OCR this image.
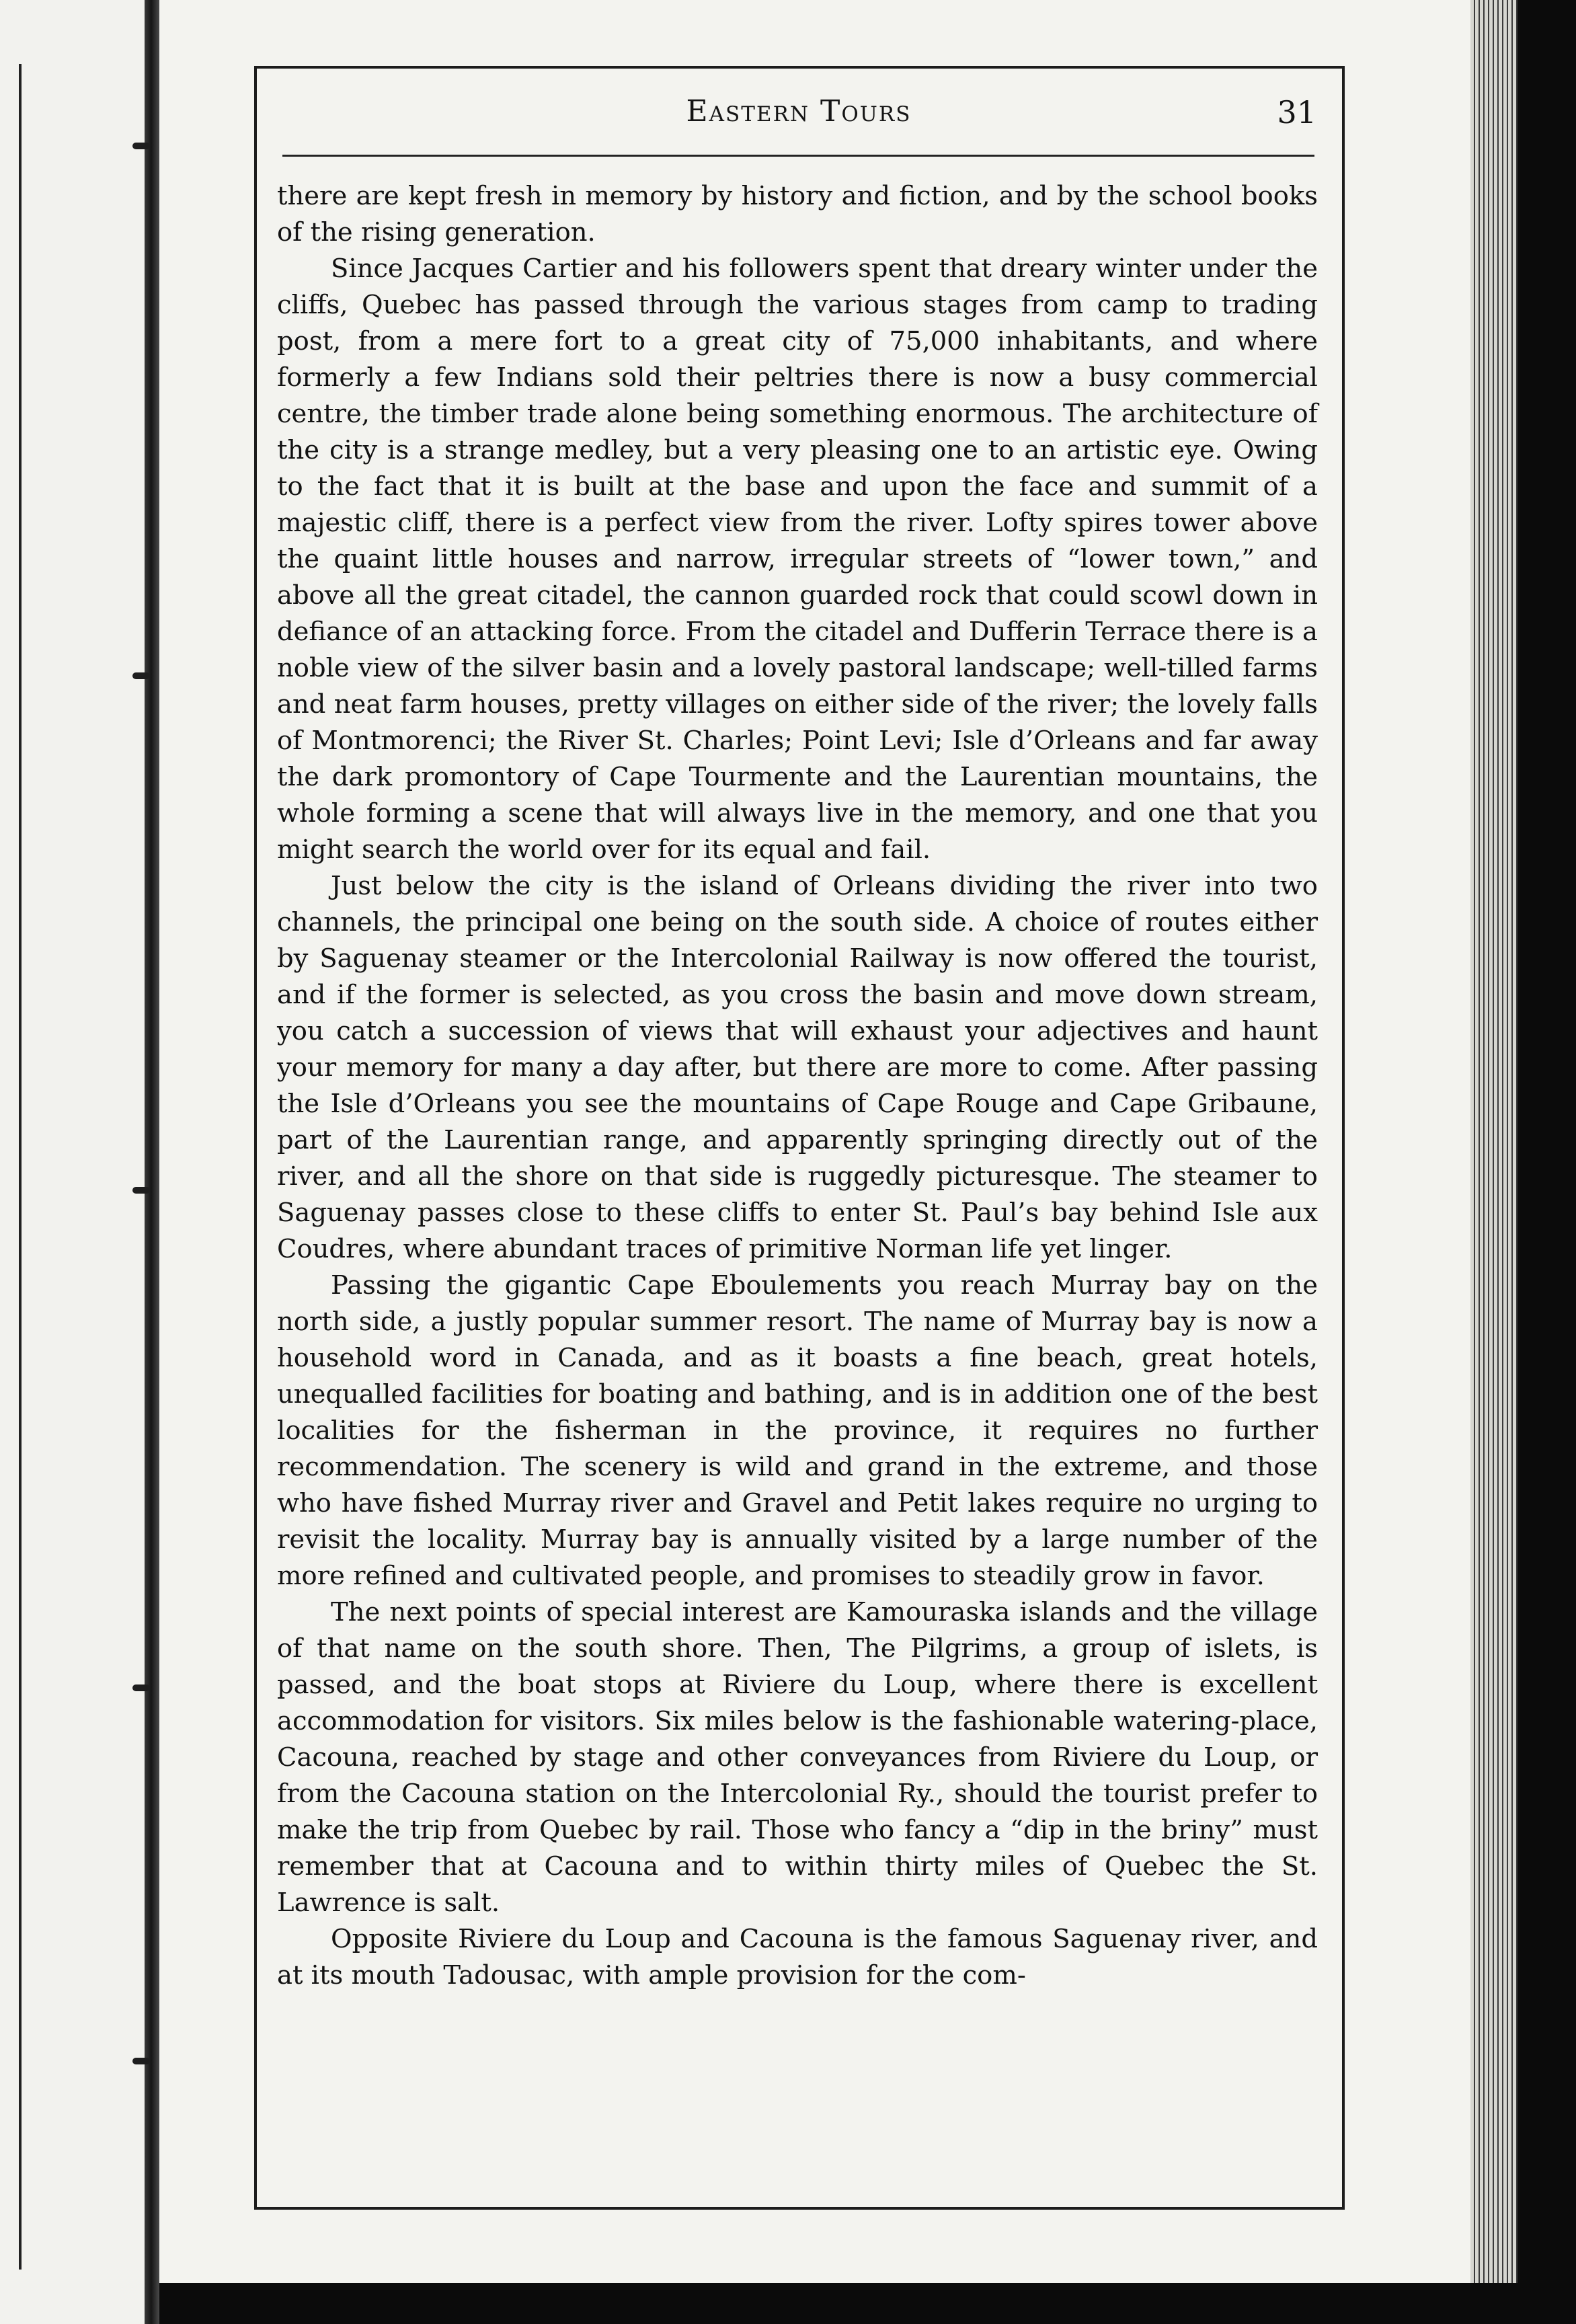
Eastern Tours	31

there are kept fresh in memory by history and fiction, and by the school books of the rising generation.

Since Jacques Cartier and his followers spent that dreary winter under the cliffs, Quebec has passed through the various stages from camp to trading post, from a mere fort to a great city of 75,000 inhabitants, and where formerly a few Indians sold their peltries there is now a busy commercial centre, the timber trade alone being something enormous. The architecture of the city is a strange medley, but a very pleasing one to an artistic eye. Owing to the fact that it is built at the base and upon the face and summit of a majestic cliff, there is a perfect view from the river. Lofty spires tower above the quaint little houses and narrow, irregular streets of “lower town,” and above all the great citadel, the cannon guarded rock that could scowl down in defiance of an attacking force. From the citadel and Dufferin Terrace there is a noble view of the silver basin and a lovely pastoral landscape; well-tilled farms and neat farm houses, pretty villages on either side of the river; the lovely falls of Montmorenci; the River St. Charles; Point Levi; Isle d’Orleans and far away the dark promontory of Cape Tourmente and the Laurentian mountains, the whole forming a scene that will always live in the memory, and one that you might search the world over for its equal and fail.

Just below the city is the island of Orleans dividing the river into two channels, the principal one being on the south side. A choice of routes either by Saguenay steamer or the Intercolonial Railway is now offered the tourist, and if the former is selected, as you cross the basin and move down stream, you catch a succession of views that will exhaust your adjectives and haunt your memory for many a day after, but there are more to come. After passing the Isle d’Orleans you see the mountains of Cape Rouge and Cape Gribaune, part of the Laurentian range, and apparently springing directly out of the river, and all the shore on that side is ruggedly picturesque. The steamer to Saguenay passes close to these cliffs to enter St. Paul’s bay behind Isle aux Coudres, where abundant traces of primitive Norman life yet linger.

Passing the gigantic Cape Eboulements you reach Murray bay on the north side, a justly popular summer resort. The name of Murray bay is now a household word in Canada, and as it boasts a fine beach, great hotels, unequalled facilities for boating and bathing, and is in addition one of the best localities for the fisherman in the province, it requires no further recommendation. The scenery is wild and grand in the extreme, and those who have fished Murray river and Gravel and Petit lakes require no urging to revisit the locality. Murray bay is annually visited by a large number of the more refined and cultivated people, and promises to steadily grow in favor.

The next points of special interest are Kamouraska islands and the village of that name on the south shore. Then, The Pilgrims, a group of islets, is passed, and the boat stops at Riviere du Loup, where there is excellent accommodation for visitors. Six miles below is the fashionable watering-place, Cacouna, reached by stage and other conveyances from Riviere du Loup, or from the Cacouna station on the Intercolonial Ry., should the tourist prefer to make the trip from Quebec by rail. Those who fancy a “dip in the briny” must remember that at Cacouna and to within thirty miles of Quebec the St. Lawrence is salt.

Opposite Riviere du Loup and Cacouna is the famous Saguenay river, and at its mouth Tadousac, with ample provision for the com-
